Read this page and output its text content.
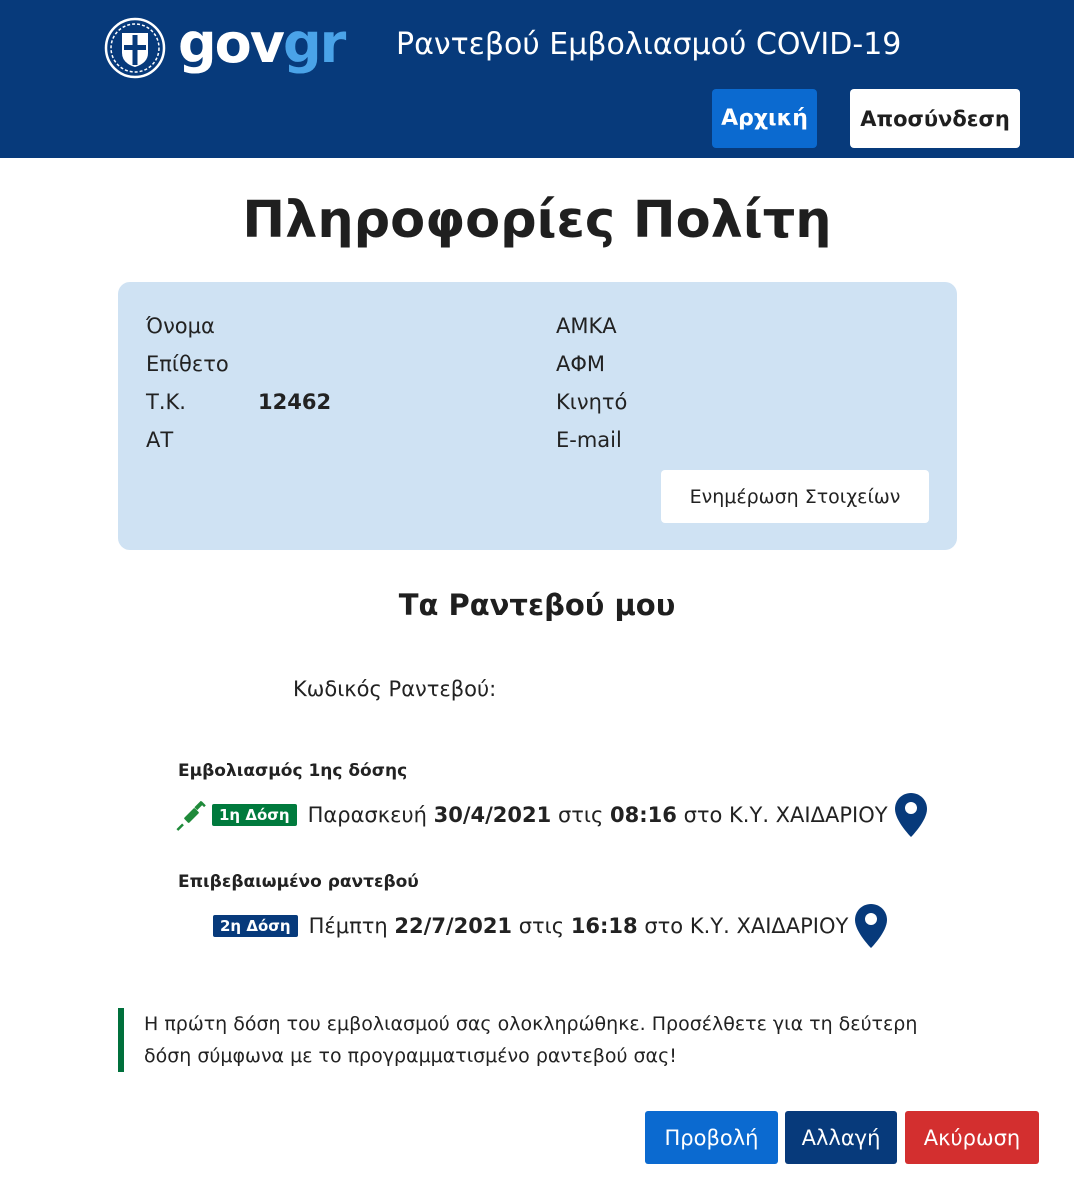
govgr Ραντεβού Εμβολιασμού COVID-19
Αρχική	Αποσύνδεση
Πληροφορίες Πολίτη
Όνομα
Επίθετο
Τ.Κ.	12462
ΑΤ
ΑΜΚΑ
ΑΦΜ
Κινητό
E-mail
Ενημέρωση Στοιχείων
Τα Ραντεβού μου
Κωδικός Ραντεβού:
Εμβολιασμός 1ης δόσης
1η Δόση Παρασκευή
30/4/2021
στις
08:16
στο Κ.Υ. ΧΑΙΔΑΡΙΟΥ
Επιβεβαιωμένο ραντεβού
2η Δόση Πέμπτη
22/7/2021
στις
16:18
στο Κ.Υ. ΧΑΙΔΑΡΙΟΥ
Η πρώτη δόση του εμβολιασμού σας ολοκληρώθηκε. Προσέλθετε για τη δεύτερη δόση σύμφωνα με το προγραμματισμένο ραντεβού σας!
Προβολή	Αλλαγή	Ακύρωση
